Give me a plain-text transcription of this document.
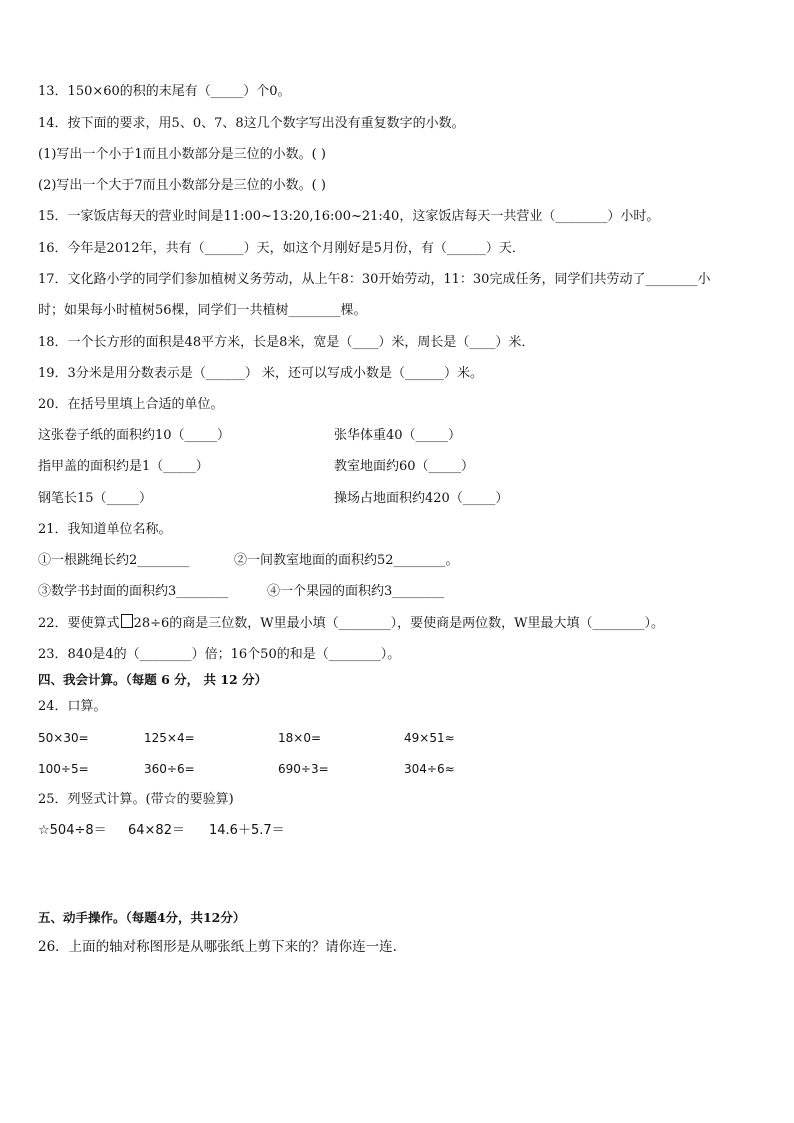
13．150×60的积的末尾有（_____）个0。
14．按下面的要求，用5、0、7、8这几个数字写出没有重复数字的小数。
(1)写出一个小于1而且小数部分是三位的小数。( )
(2)写出一个大于7而且小数部分是三位的小数。( )
15．一家饭店每天的营业时间是11:00~13:20,16:00~21:40，这家饭店每天一共营业（________）小时。
16．今年是2012年，共有（______）天，如这个月刚好是5月份，有（______）天．
17．文化路小学的同学们参加植树义务劳动，从上午8：30开始劳动，11：30完成任务，同学们共劳动了________小
时；如果每小时植树56棵，同学们一共植树________棵。
18．一个长方形的面积是48平方米，长是8米，宽是（____）米，周长是（____）米．
19．3分米是用分数表示是（______） 米，还可以写成小数是（______）米。
20．在括号里填上合适的单位。
这张卷子纸的面积约10（_____）	张华体重40（_____）
指甲盖的面积约是1（_____）	教室地面约60（_____）
钢笔长15（_____）	操场占地面积约420（_____）
21．我知道单位名称。
①一根跳绳长约2________	②一间教室地面的面积约52________。
③数学书封面的面积约3________	④一个果园的面积约3________
22．要使算式 28÷6的商是三位数，W里最小填（________），要使商是两位数，W里最大填（________）。
23．840是4的（________）倍；16个50的和是（________）。
四、我会计算。（每题 6 分， 共 12 分）
24．口算。
50×30=	125×4=	18×0=	49×51≈
100÷5=	360÷6=	690÷3=	304÷6≈
25．列竖式计算。(带☆的要验算)
☆504÷8＝ 64×82＝ 14.6＋5.7＝
五、动手操作。（每题4分，共12分）
26．上面的轴对称图形是从哪张纸上剪下来的？请你连一连.
